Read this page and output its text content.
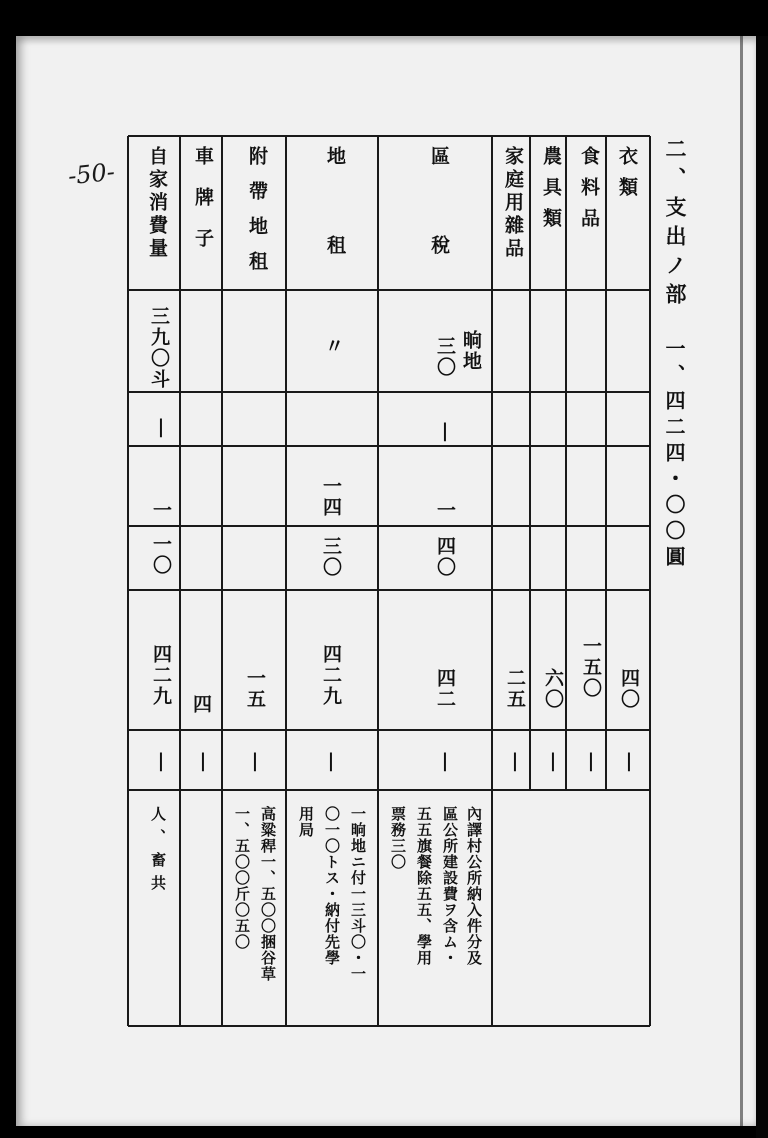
-50-	二、支出ノ部
一、四二四・〇〇圓
衣類
食料品
農具類
家庭用雜品
區稅
地租
附帶地租
車牌子
自家消費量
晌地
三〇
〃
三九〇斗
|
|
一
一四
一
四〇
三〇
一〇
四〇
一五〇
六〇
二五
四二
四二九
一五
四
四二九
|
|
|
|
|
|
|
|
|
內譯村公所納入件分及
區公所建設費ヲ含ム・
五五旗餐除五五、學用
票務三〇
一晌地ニ付一三斗〇・一
〇一〇トス・納付先學
用局
高粱稈一、五〇〇捆谷草
一、五〇〇斤〇五〇
人、畜共
